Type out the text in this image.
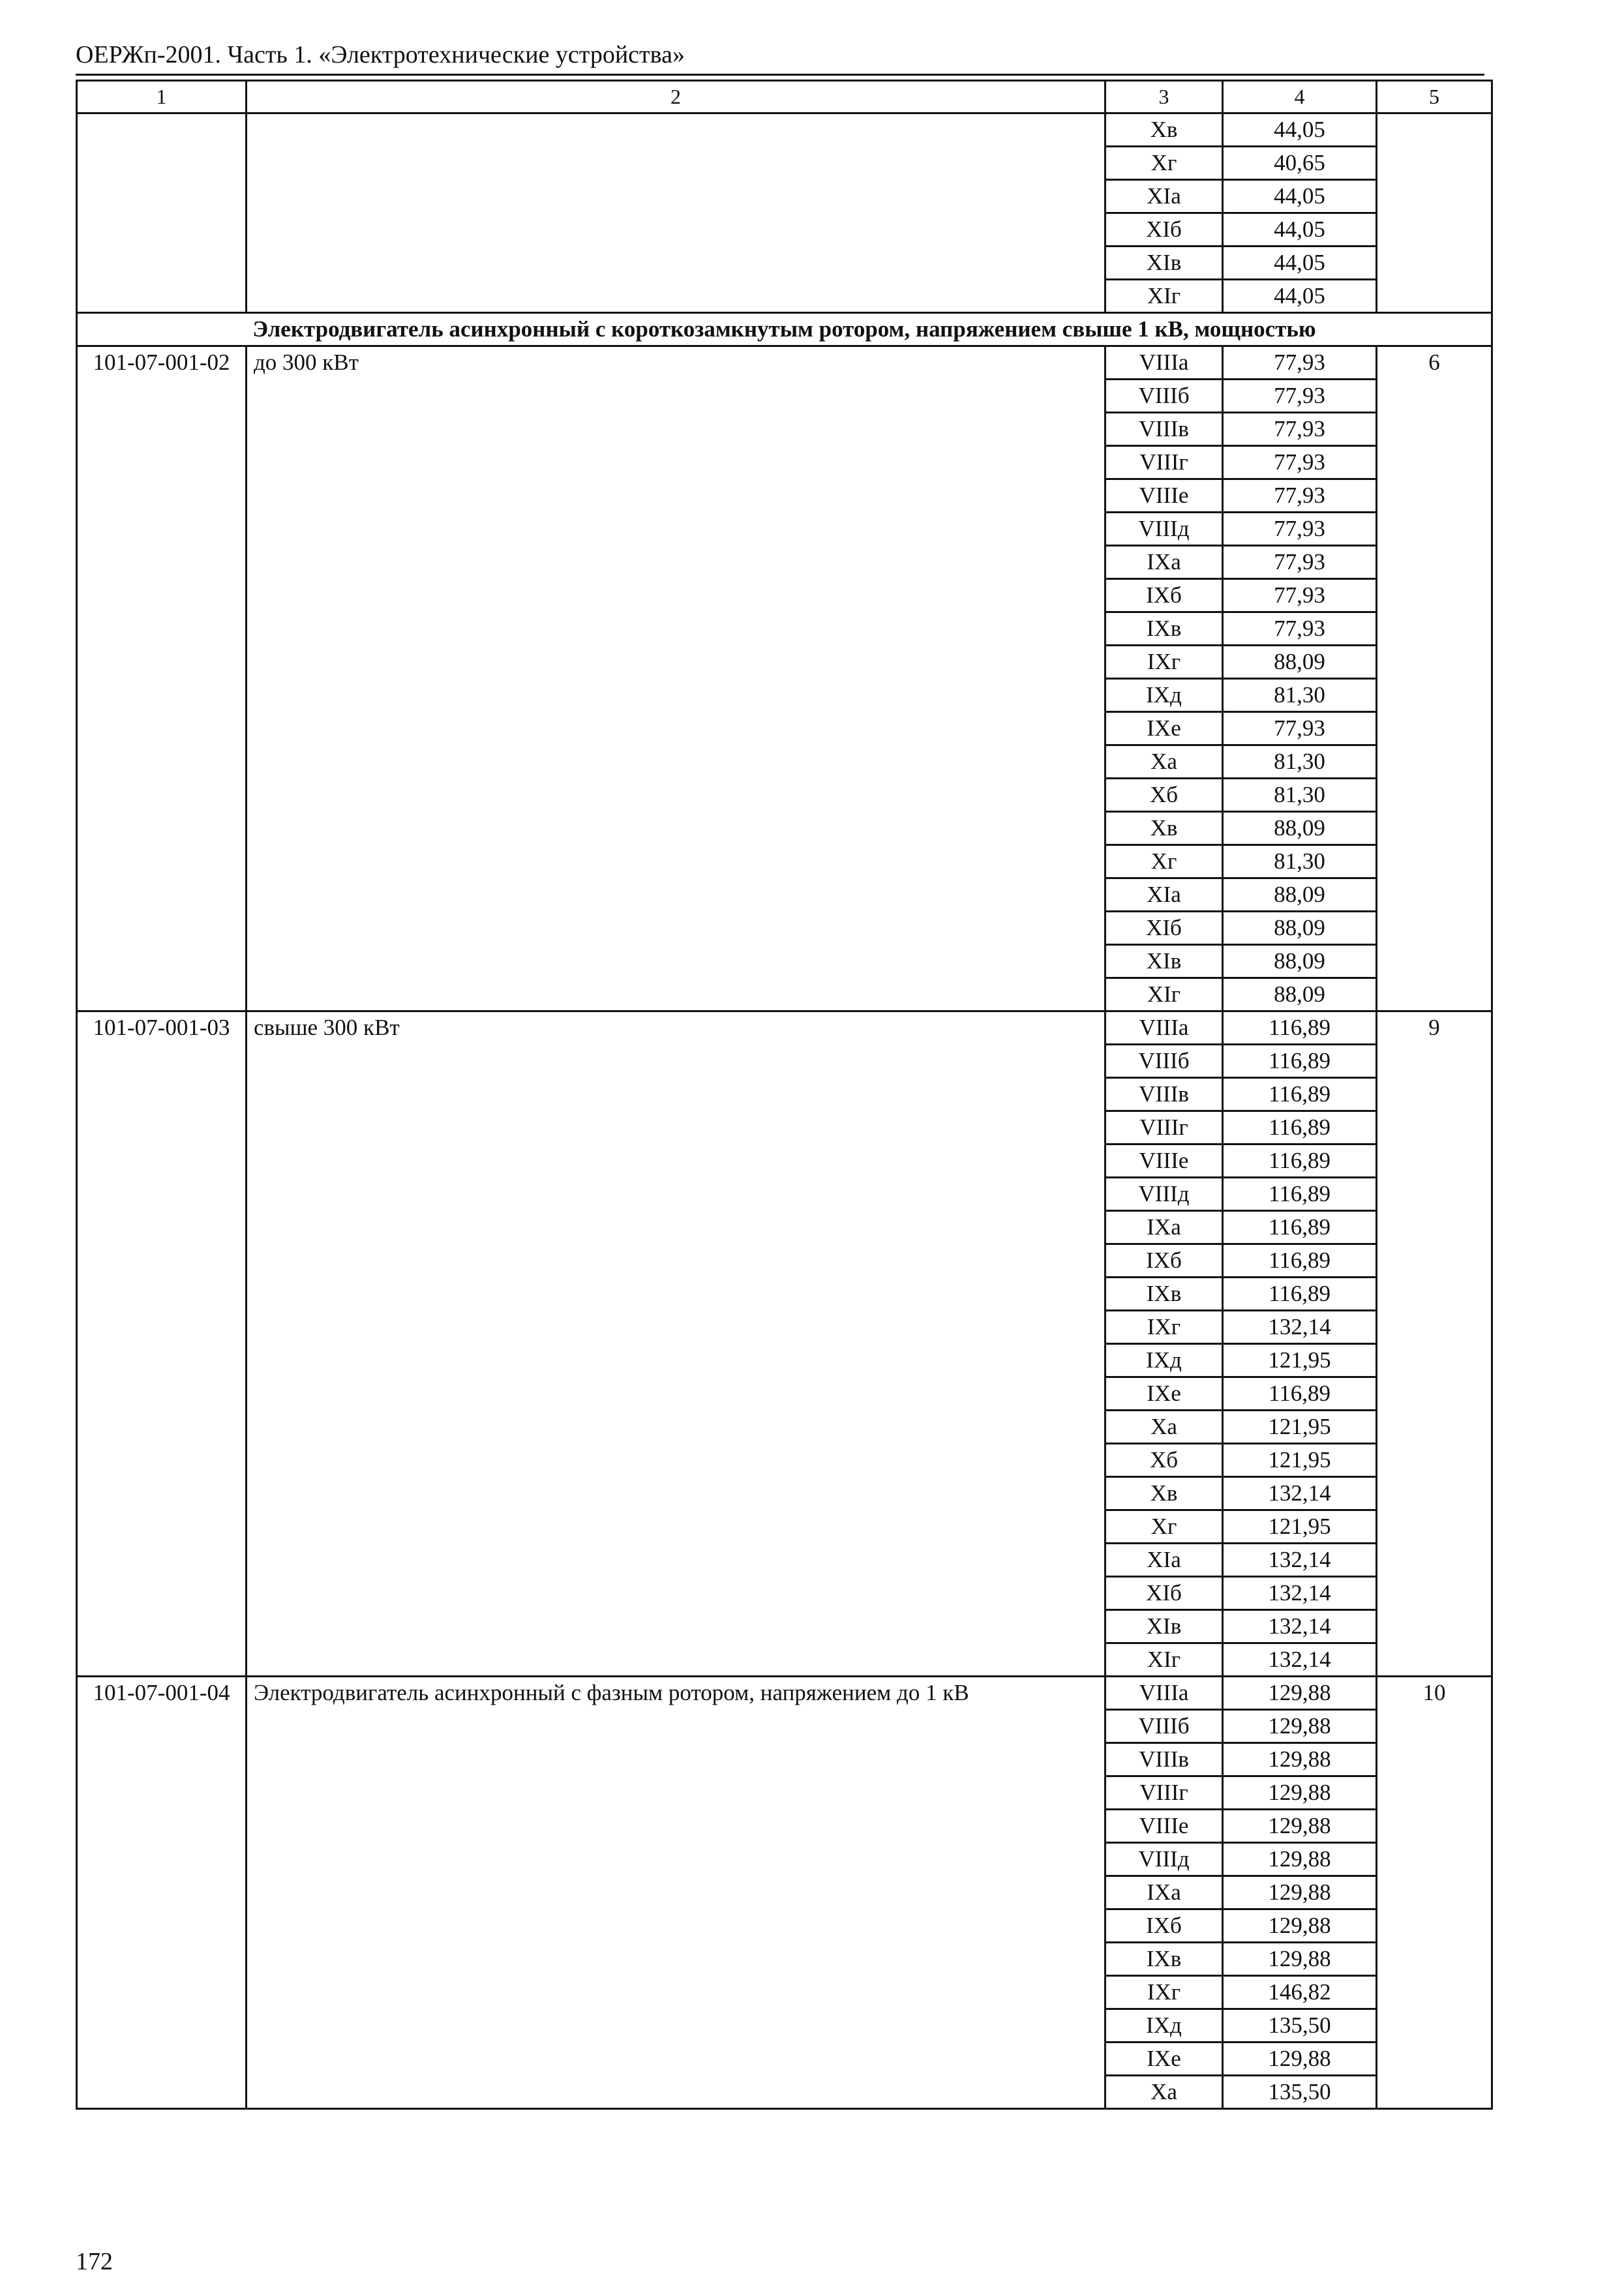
ОЕРЖп-2001. Часть 1. «Электротехнические устройства»
1	2	3	4	5
		Хв	44,05	
		Хг	40,65	
		ХIа	44,05	
		ХIб	44,05	
		ХIв	44,05	
		ХIг	44,05	
Электродвигатель асинхронный с короткозамкнутым ротором, напряжением свыше 1 кВ, мощностью				
101-07-001-02	до 300 кВт	VIIIа	77,93	6
		VIIIб	77,93	
		VIIIв	77,93	
		VIIIг	77,93	
		VIIIе	77,93	
		VIIIд	77,93	
		IХа	77,93	
		IХб	77,93	
		IХв	77,93	
		IХг	88,09	
		IХд	81,30	
		IХе	77,93	
		Ха	81,30	
		Хб	81,30	
		Хв	88,09	
		Хг	81,30	
		ХIа	88,09	
		ХIб	88,09	
		ХIв	88,09	
		ХIг	88,09	
101-07-001-03	свыше 300 кВт	VIIIа	116,89	9
		VIIIб	116,89	
		VIIIв	116,89	
		VIIIг	116,89	
		VIIIе	116,89	
		VIIIд	116,89	
		IХа	116,89	
		IХб	116,89	
		IХв	116,89	
		IХг	132,14	
		IХд	121,95	
		IХе	116,89	
		Ха	121,95	
		Хб	121,95	
		Хв	132,14	
		Хг	121,95	
		ХIа	132,14	
		ХIб	132,14	
		ХIв	132,14	
		ХIг	132,14	
101-07-001-04	Электродвигатель асинхронный с фазным ротором, напряжением до 1 кВ	VIIIа	129,88	10
		VIIIб	129,88	
		VIIIв	129,88	
		VIIIг	129,88	
		VIIIе	129,88	
		VIIIд	129,88	
		IХа	129,88	
		IХб	129,88	
		IХв	129,88	
		IХг	146,82	
		IХд	135,50	
		IХе	129,88	
		Ха	135,50	
172
